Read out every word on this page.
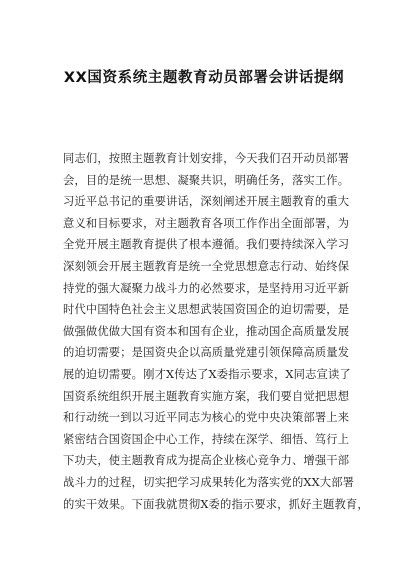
XX国资系统主题教育动员部署会讲话提纲
同志们，按照主题教育计划安排，今天我们召开动员部署
会，目的是统一思想、凝聚共识，明确任务，落实工作。
习近平总书记的重要讲话，深刻阐述开展主题教育的重大
意义和目标要求，对主题教育各项工作作出全面部署，为
全党开展主题教育提供了根本遵循。我们要持续深入学习
深刻领会开展主题教育是统一全党思想意志行动、始终保
持党的强大凝聚力战斗力的必然要求，是坚持用习近平新
时代中国特色社会主义思想武装国资国企的迫切需要，是
做强做优做大国有资本和国有企业，推动国企高质量发展
的迫切需要；是国资央企以高质量党建引领保障高质量发
展的迫切需要。刚才X传达了X委指示要求，X同志宣读了
国资系统组织开展主题教育实施方案，我们要自觉把思想
和行动统一到以习近平同志为核心的党中央决策部署上来
紧密结合国资国企中心工作，持续在深学、细悟、笃行上
下功夫，使主题教育成为提高企业核心竞争力、增强干部
战斗力的过程，切实把学习成果转化为落实党的XX大部署
的实干效果。下面我就贯彻X委的指示要求，抓好主题教育，
